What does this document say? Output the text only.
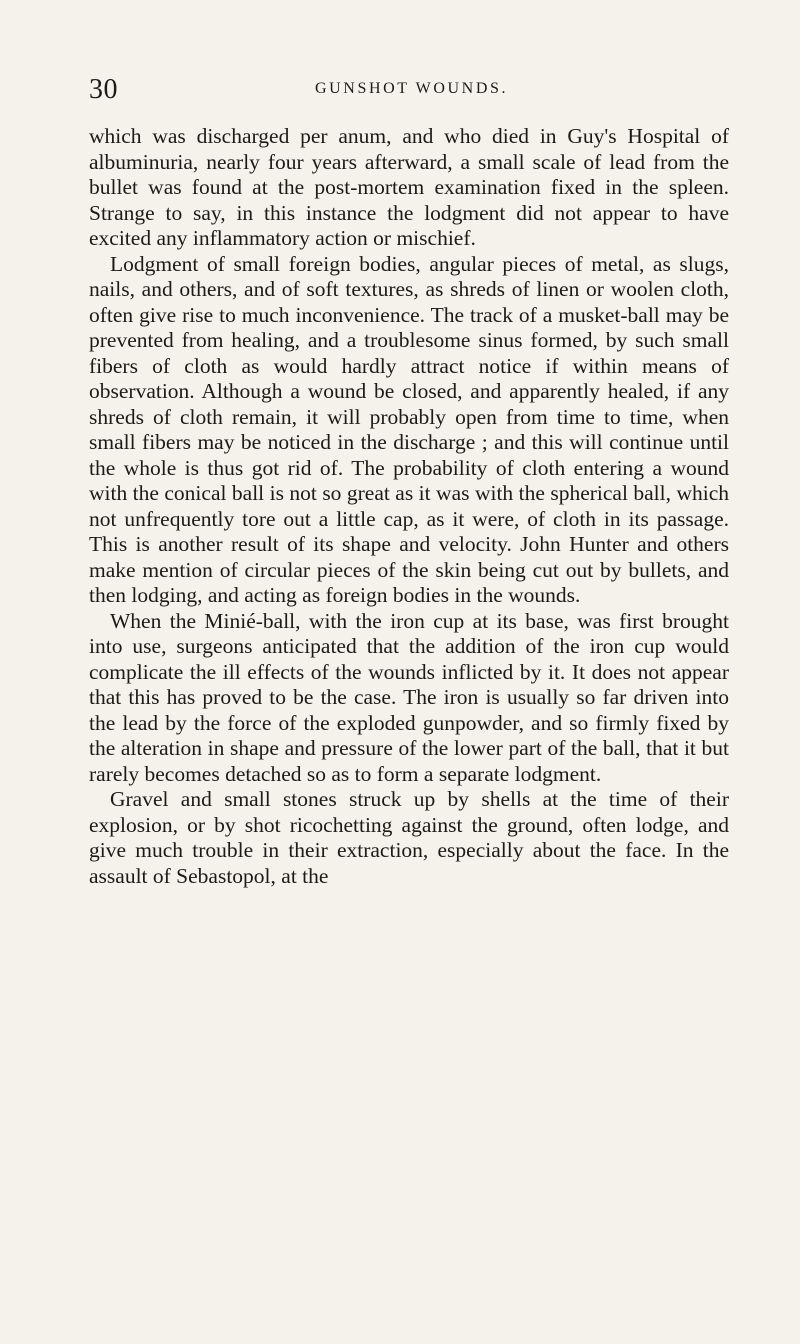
30	GUNSHOT WOUNDS.

which was discharged per anum, and who died in Guy's Hospital of albuminuria, nearly four years afterward, a small scale of lead from the bullet was found at the post-mortem examination fixed in the spleen. Strange to say, in this instance the lodgment did not appear to have excited any inflammatory action or mischief.

Lodgment of small foreign bodies, angular pieces of metal, as slugs, nails, and others, and of soft textures, as shreds of linen or woolen cloth, often give rise to much inconvenience. The track of a musket-ball may be prevented from healing, and a troublesome sinus formed, by such small fibers of cloth as would hardly attract notice if within means of observation. Although a wound be closed, and apparently healed, if any shreds of cloth remain, it will probably open from time to time, when small fibers may be noticed in the discharge ; and this will continue until the whole is thus got rid of. The probability of cloth entering a wound with the conical ball is not so great as it was with the spherical ball, which not unfrequently tore out a little cap, as it were, of cloth in its passage. This is another result of its shape and velocity. John Hunter and others make mention of circular pieces of the skin being cut out by bullets, and then lodging, and acting as foreign bodies in the wounds.

When the Minié-ball, with the iron cup at its base, was first brought into use, surgeons anticipated that the addition of the iron cup would complicate the ill effects of the wounds inflicted by it. It does not appear that this has proved to be the case. The iron is usually so far driven into the lead by the force of the exploded gunpowder, and so firmly fixed by the alteration in shape and pressure of the lower part of the ball, that it but rarely becomes detached so as to form a separate lodgment.

Gravel and small stones struck up by shells at the time of their explosion, or by shot ricochetting against the ground, often lodge, and give much trouble in their extraction, especially about the face. In the assault of Sebastopol, at the
